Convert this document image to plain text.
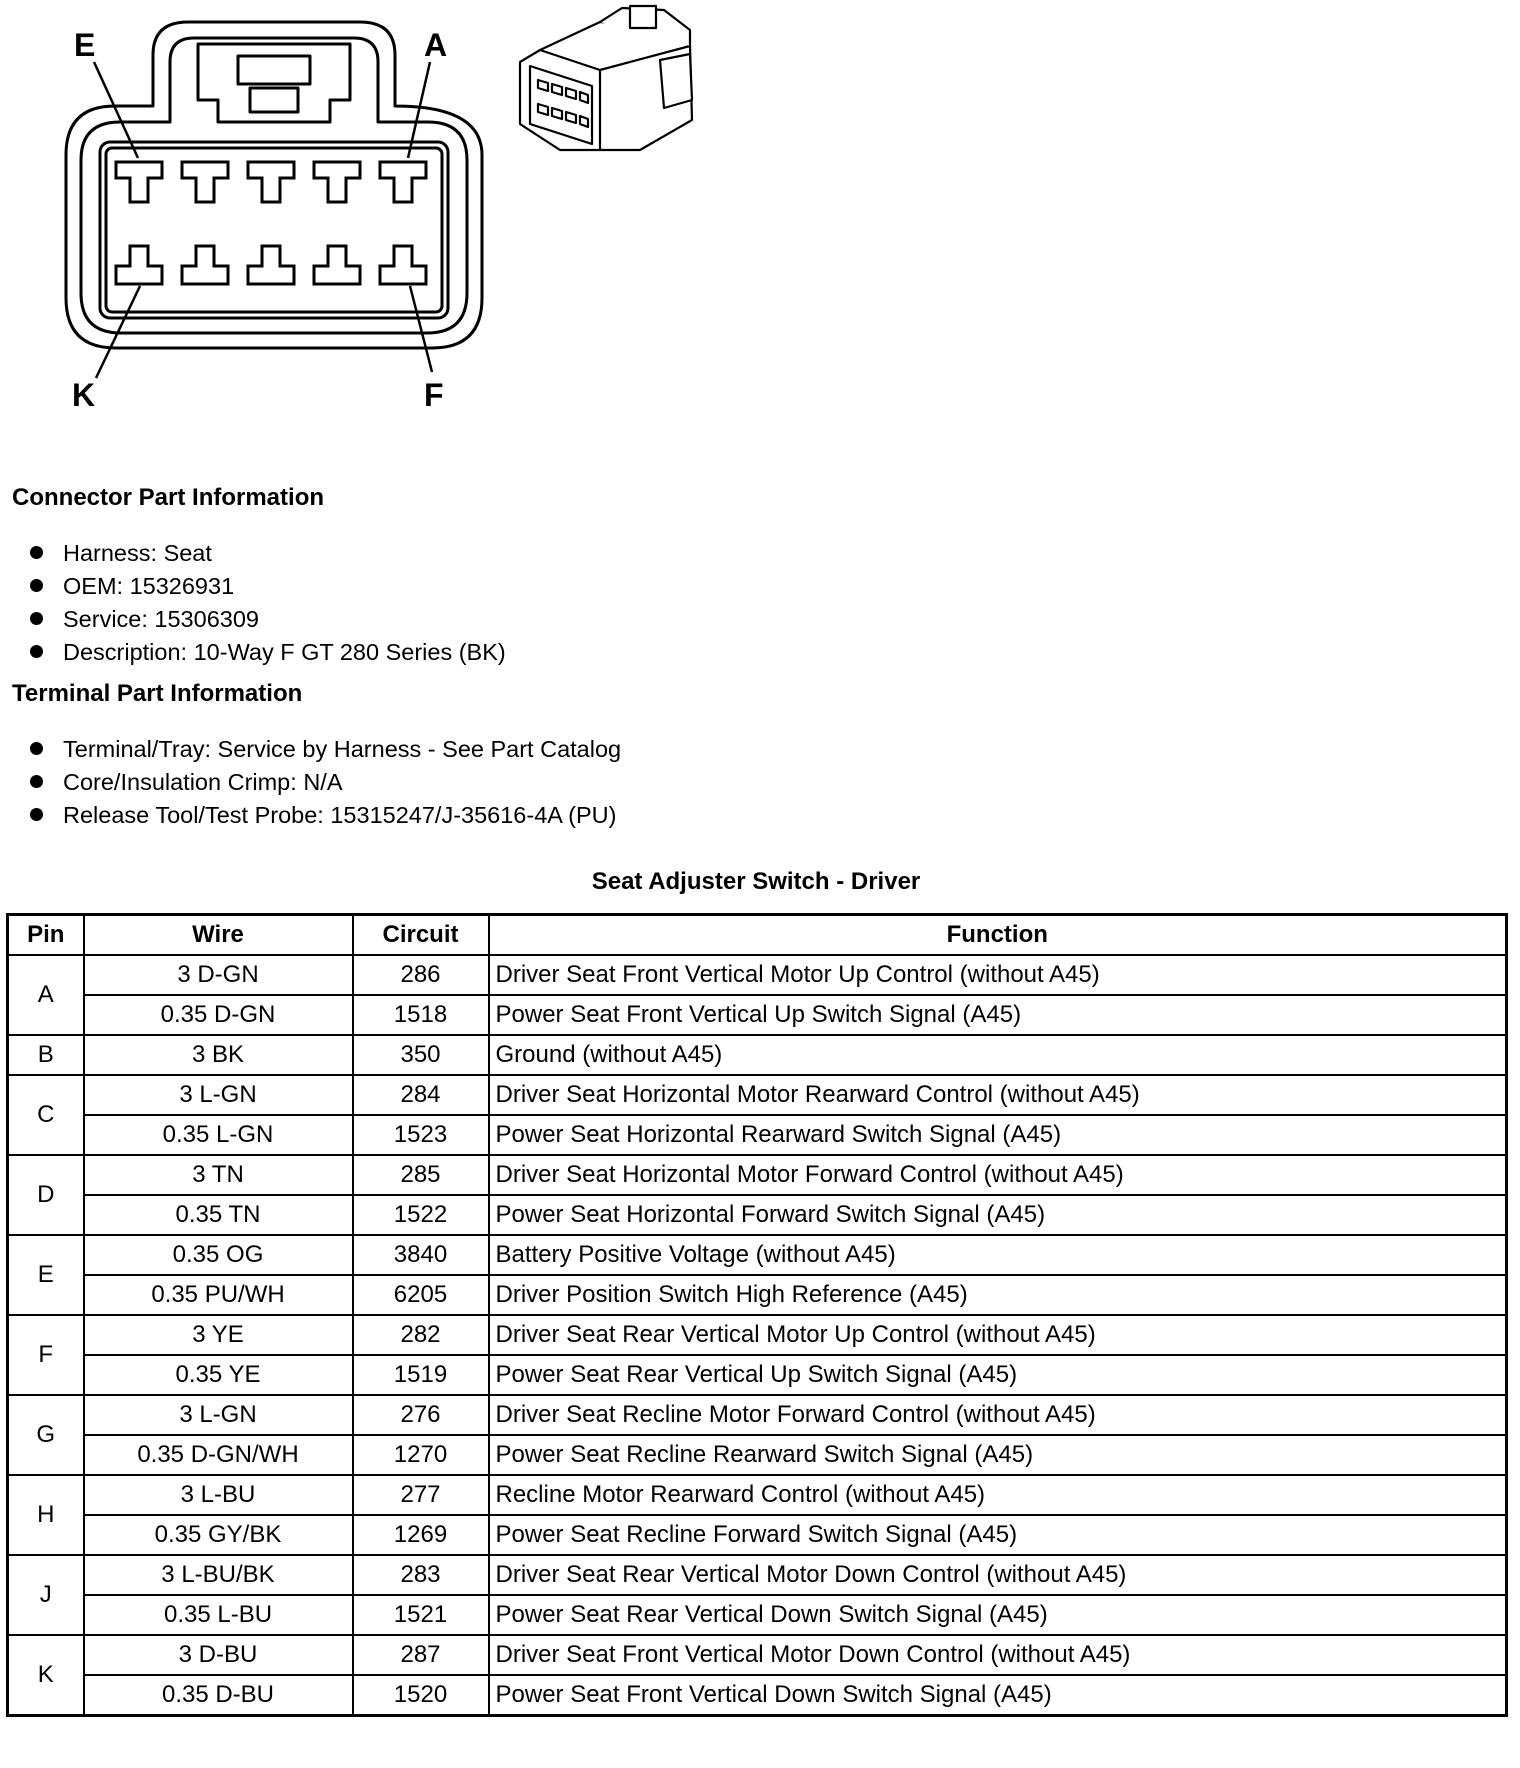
E	A
K	F
Connector Part Information
Harness: Seat
OEM: 15326931
Service: 15306309
Description: 10-Way F GT 280 Series (BK)
Terminal Part Information
Terminal/Tray: Service by Harness - See Part Catalog
Core/Insulation Crimp: N/A
Release Tool/Test Probe: 15315247/J-35616-4A (PU)
Seat Adjuster Switch - Driver
Pin	Wire	Circuit	Function
A	3 D-GN	286	Driver Seat Front Vertical Motor Up Control (without A45)
	0.35 D-GN	1518	Power Seat Front Vertical Up Switch Signal (A45)
B	3 BK	350	Ground (without A45)
C	3 L-GN	284	Driver Seat Horizontal Motor Rearward Control (without A45)
	0.35 L-GN	1523	Power Seat Horizontal Rearward Switch Signal (A45)
D	3 TN	285	Driver Seat Horizontal Motor Forward Control (without A45)
	0.35 TN	1522	Power Seat Horizontal Forward Switch Signal (A45)
E	0.35 OG	3840	Battery Positive Voltage (without A45)
	0.35 PU/WH	6205	Driver Position Switch High Reference (A45)
F	3 YE	282	Driver Seat Rear Vertical Motor Up Control (without A45)
	0.35 YE	1519	Power Seat Rear Vertical Up Switch Signal (A45)
G	3 L-GN	276	Driver Seat Recline Motor Forward Control (without A45)
	0.35 D-GN/WH	1270	Power Seat Recline Rearward Switch Signal (A45)
H	3 L-BU	277	Recline Motor Rearward Control (without A45)
	0.35 GY/BK	1269	Power Seat Recline Forward Switch Signal (A45)
J	3 L-BU/BK	283	Driver Seat Rear Vertical Motor Down Control (without A45)
	0.35 L-BU	1521	Power Seat Rear Vertical Down Switch Signal (A45)
K	3 D-BU	287	Driver Seat Front Vertical Motor Down Control (without A45)
	0.35 D-BU	1520	Power Seat Front Vertical Down Switch Signal (A45)
